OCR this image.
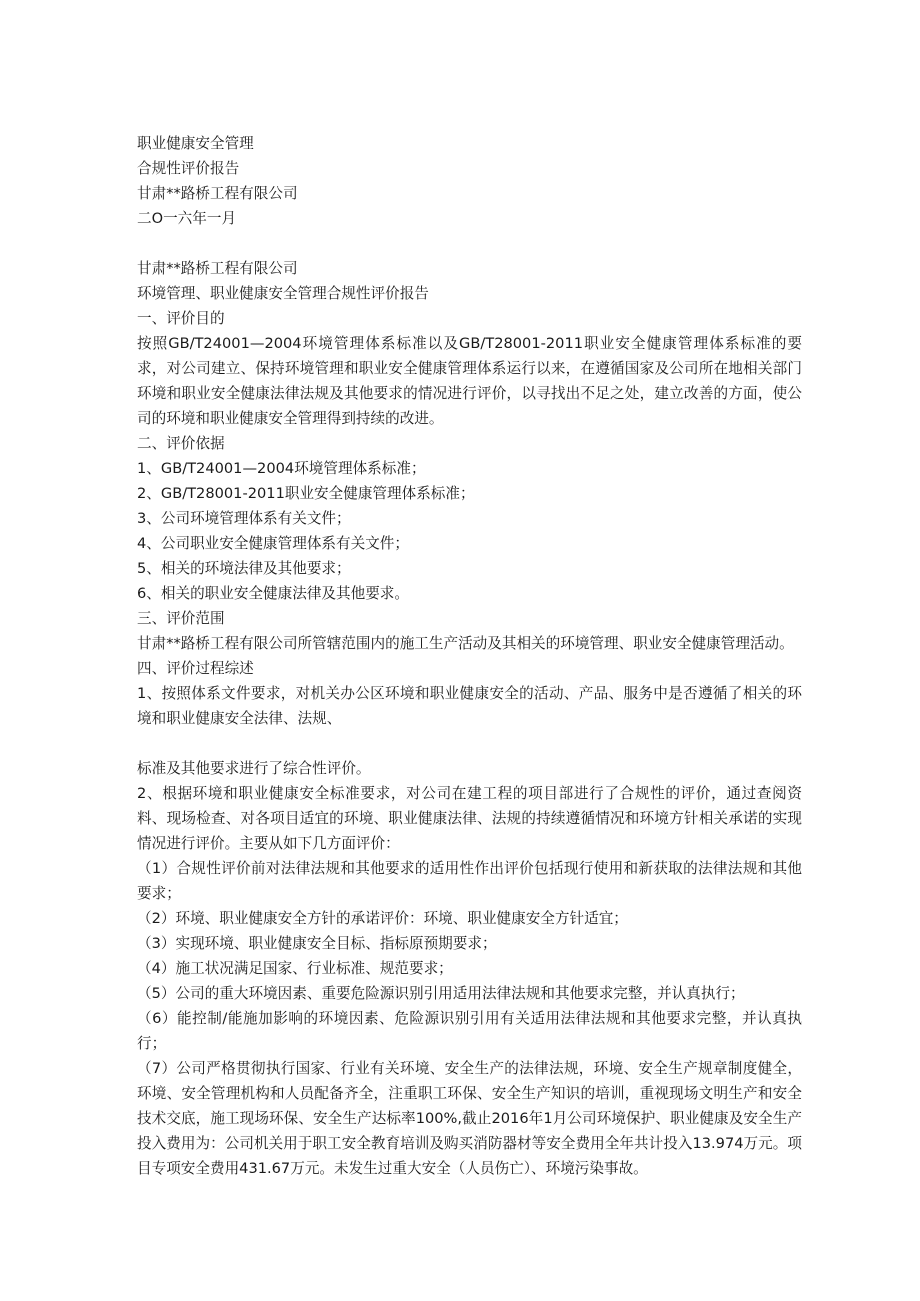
职业健康安全管理
合规性评价报告
甘肃**路桥工程有限公司
二O一六年一月
甘肃**路桥工程有限公司
环境管理、职业健康安全管理合规性评价报告
一、评价目的
按照GB/T24001—2004环境管理体系标准以及GB/T28001-2011职业安全健康管理体系标准的要求，对公司建立、保持环境管理和职业安全健康管理体系运行以来，在遵循国家及公司所在地相关部门环境和职业安全健康法律法规及其他要求的情况进行评价，以寻找出不足之处，建立改善的方面，使公司的环境和职业健康安全管理得到持续的改进。
二、评价依据
1、GB/T24001—2004环境管理体系标准；
2、GB/T28001-2011职业安全健康管理体系标准；
3、公司环境管理体系有关文件；
4、公司职业安全健康管理体系有关文件；
5、相关的环境法律及其他要求；
6、相关的职业安全健康法律及其他要求。
三、评价范围
甘肃**路桥工程有限公司所管辖范围内的施工生产活动及其相关的环境管理、职业安全健康管理活动。
四、评价过程综述
1、按照体系文件要求，对机关办公区环境和职业健康安全的活动、产品、服务中是否遵循了相关的环境和职业健康安全法律、法规、
标准及其他要求进行了综合性评价。
2、根据环境和职业健康安全标准要求，对公司在建工程的项目部进行了合规性的评价，通过查阅资料、现场检查、对各项目适宜的环境、职业健康法律、法规的持续遵循情况和环境方针相关承诺的实现情况进行评价。主要从如下几方面评价：
（1）合规性评价前对法律法规和其他要求的适用性作出评价包括现行使用和新获取的法律法规和其他要求；
（2）环境、职业健康安全方针的承诺评价：环境、职业健康安全方针适宜；
（3）实现环境、职业健康安全目标、指标原预期要求；
（4）施工状况满足国家、行业标准、规范要求；
（5）公司的重大环境因素、重要危险源识别引用适用法律法规和其他要求完整，并认真执行；
（6）能控制/能施加影响的环境因素、危险源识别引用有关适用法律法规和其他要求完整，并认真执行；
（7）公司严格贯彻执行国家、行业有关环境、安全生产的法律法规，环境、安全生产规章制度健全，环境、安全管理机构和人员配备齐全，注重职工环保、安全生产知识的培训，重视现场文明生产和安全技术交底，施工现场环保、安全生产达标率100%,截止2016年1月公司环境保护、职业健康及安全生产投入费用为：公司机关用于职工安全教育培训及购买消防器材等安全费用全年共计投入13.974万元。项目专项安全费用431.67万元。未发生过重大安全（人员伤亡）、环境污染事故。
